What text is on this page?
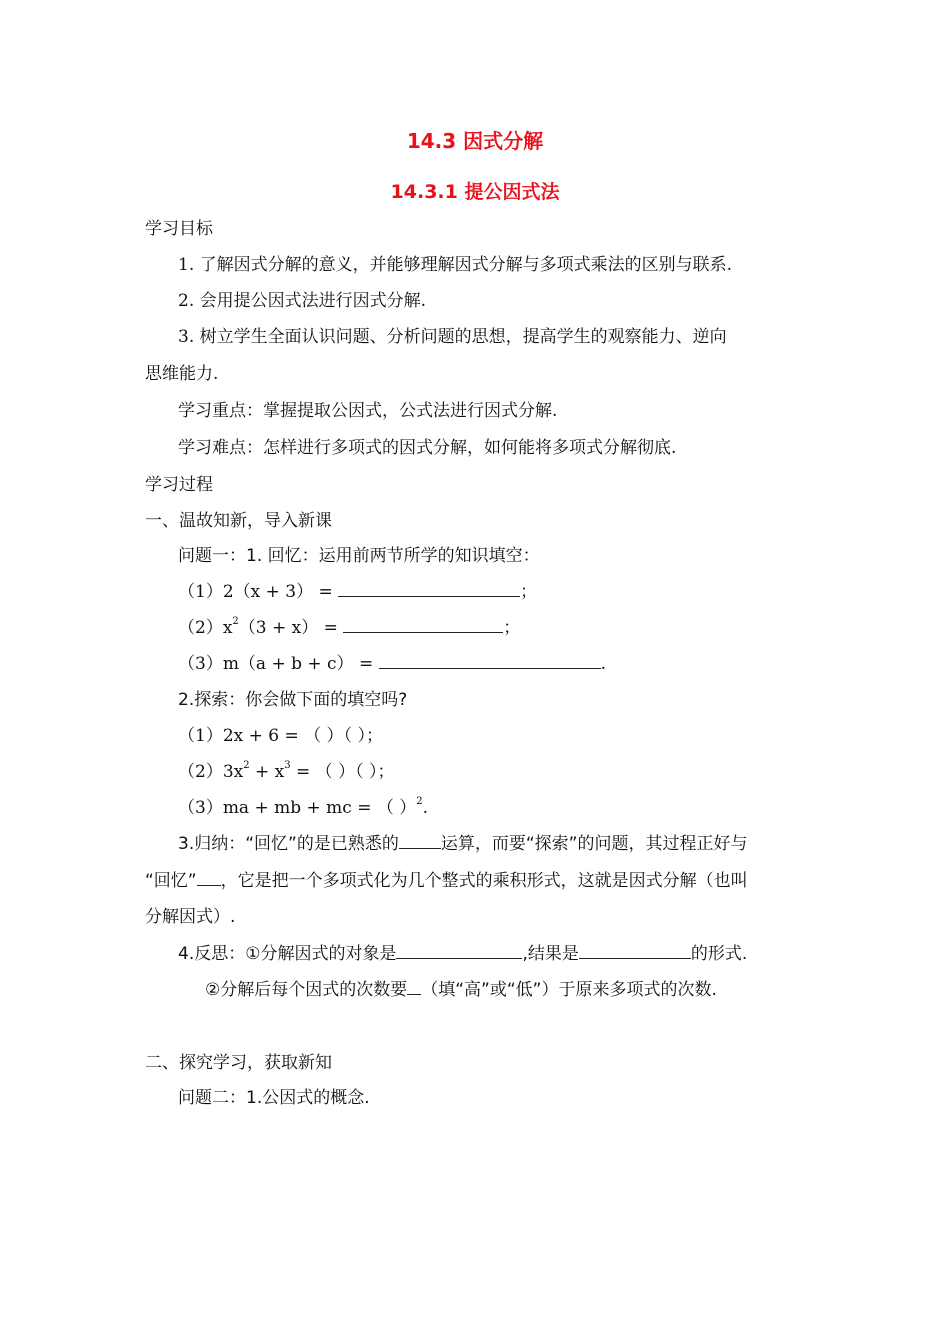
14.3 因式分解
14.3.1 提公因式法
学习目标
1. 了解因式分解的意义，并能够理解因式分解与多项式乘法的区别与联系.
2. 会用提公因式法进行因式分解.
3. 树立学生全面认识问题、分析问题的思想，提高学生的观察能力、逆向
思维能力.
学习重点：掌握提取公因式，公式法进行因式分解.
学习难点：怎样进行多项式的因式分解，如何能将多项式分解彻底.
学习过程
一、温故知新，导入新课
问题一：1. 回忆：运用前两节所学的知识填空：
（1）2（x + 3） =	；
$(2)x^2(3 + x)$ =	；
（3）m（a + b + c） =	.
2.探索：你会做下面的填空吗?
（1）2x + 6 = （ ）（ ）；
$(2)3x^2 + x^3$ = （ ）（ ）；
（3）ma + mb + mc = （ ）$^2$.
3.归纳：“回忆”的是已熟悉的 运算，而要“探索”的问题，其过程正好与
“回忆” ，它是把一个多项式化为几个整式的乘积形式，这就是因式分解（也叫
分解因式）.
4.反思：①分解因式的对象是	,结果是	的形式.
②分解后每个因式的次数要 （填“高”或“低”）于原来多项式的次数.
二、探究学习，获取新知
问题二：1.公因式的概念.
